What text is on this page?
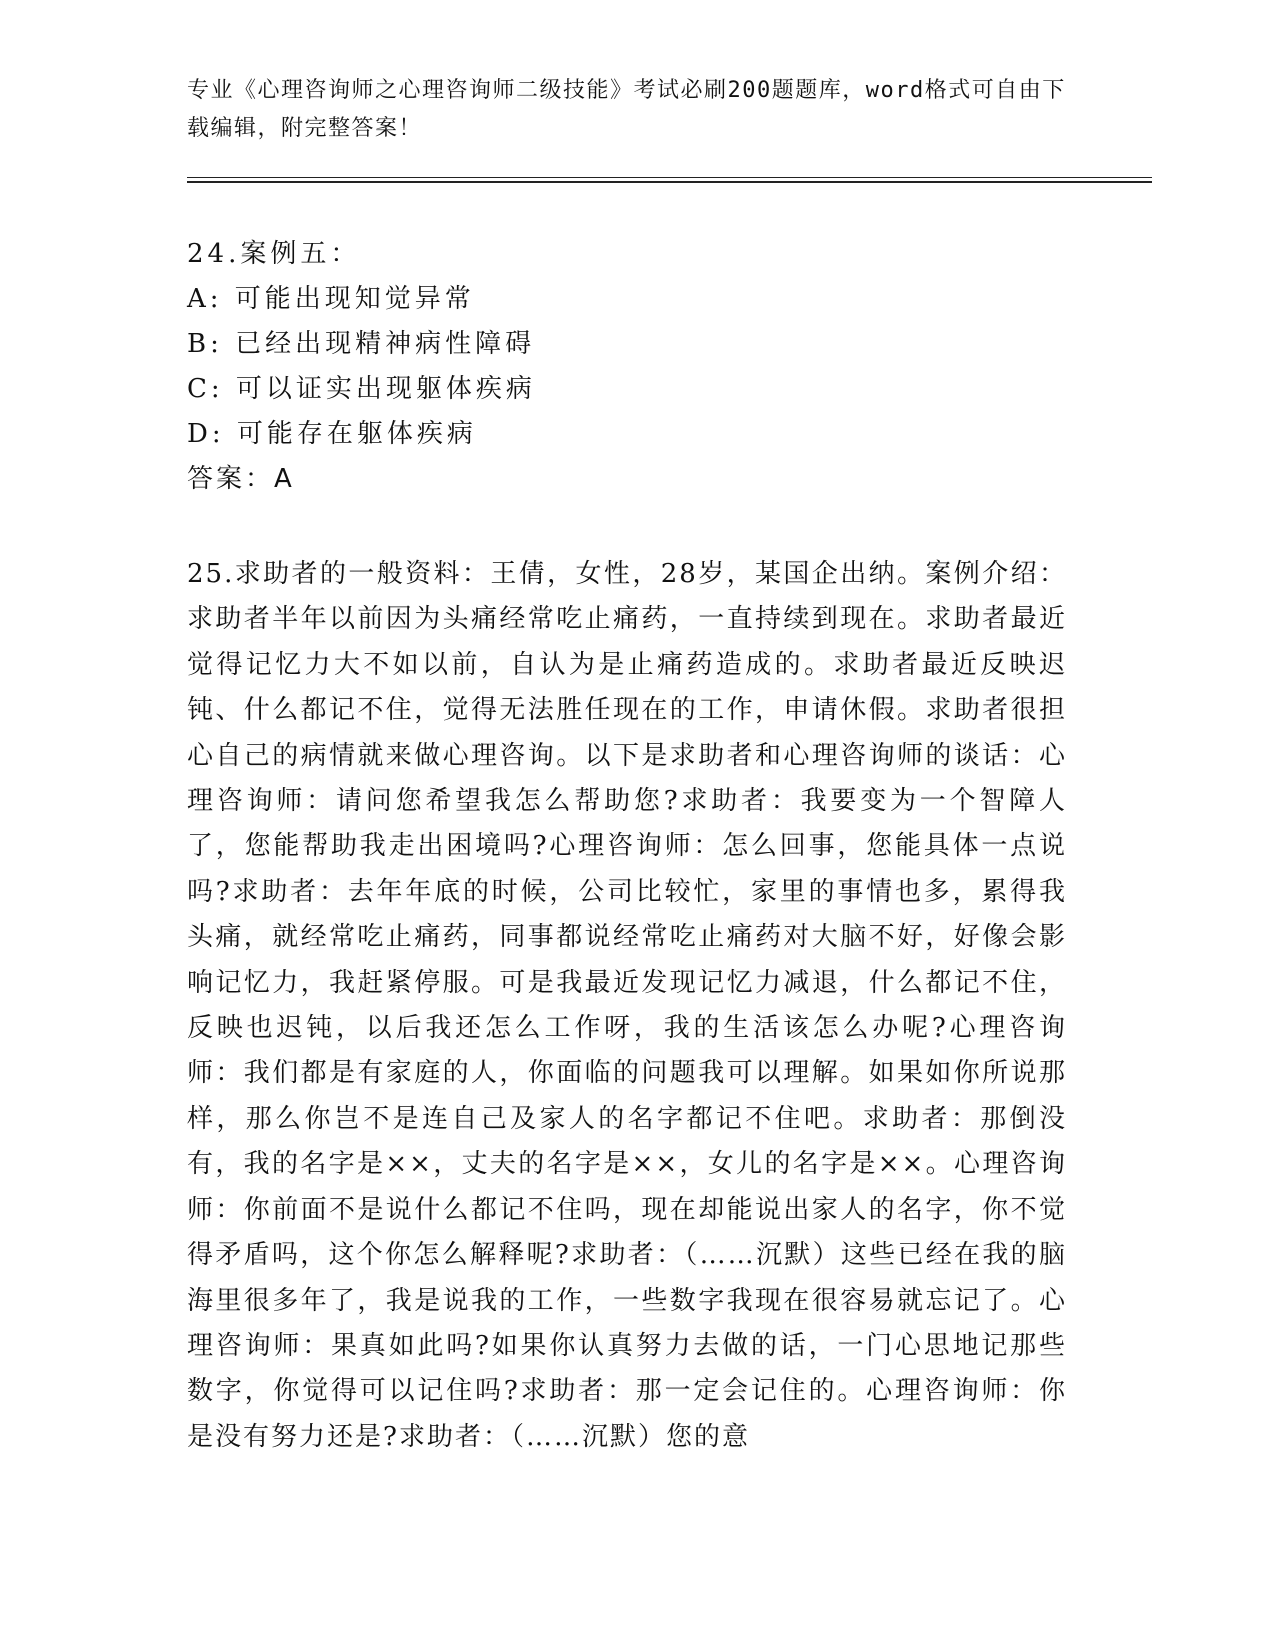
专业《心理咨询师之心理咨询师二级技能》考试必刷200题题库，word格式可自由下载编辑，附完整答案！
24.案例五：
A: 可能出现知觉异常
B: 已经出现精神病性障碍
C: 可以证实出现躯体疾病
D: 可能存在躯体疾病
答案：A
25.求助者的一般资料：王倩，女性，28岁，某国企出纳。案例介绍：求助者半年以前因为头痛经常吃止痛药，一直持续到现在。求助者最近觉得记忆力大不如以前，自认为是止痛药造成的。求助者最近反映迟钝、什么都记不住，觉得无法胜任现在的工作，申请休假。求助者很担心自己的病情就来做心理咨询。以下是求助者和心理咨询师的谈话：心理咨询师：请问您希望我怎么帮助您?求助者：我要变为一个智障人了，您能帮助我走出困境吗?心理咨询师：怎么回事，您能具体一点说吗?求助者：去年年底的时候，公司比较忙，家里的事情也多，累得我头痛，就经常吃止痛药，同事都说经常吃止痛药对大脑不好，好像会影响记忆力，我赶紧停服。可是我最近发现记忆力减退，什么都记不住，反映也迟钝，以后我还怎么工作呀，我的生活该怎么办呢?心理咨询师：我们都是有家庭的人，你面临的问题我可以理解。如果如你所说那样，那么你岂不是连自己及家人的名字都记不住吧。求助者：那倒没有，我的名字是××，丈夫的名字是××，女儿的名字是××。心理咨询师：你前面不是说什么都记不住吗，现在却能说出家人的名字，你不觉得矛盾吗，这个你怎么解释呢?求助者：（……沉默）这些已经在我的脑海里很多年了，我是说我的工作，一些数字我现在很容易就忘记了。心理咨询师：果真如此吗?如果你认真努力去做的话，一门心思地记那些数字，你觉得可以记住吗?求助者：那一定会记住的。心理咨询师：你是没有努力还是?求助者：（……沉默）您的意
